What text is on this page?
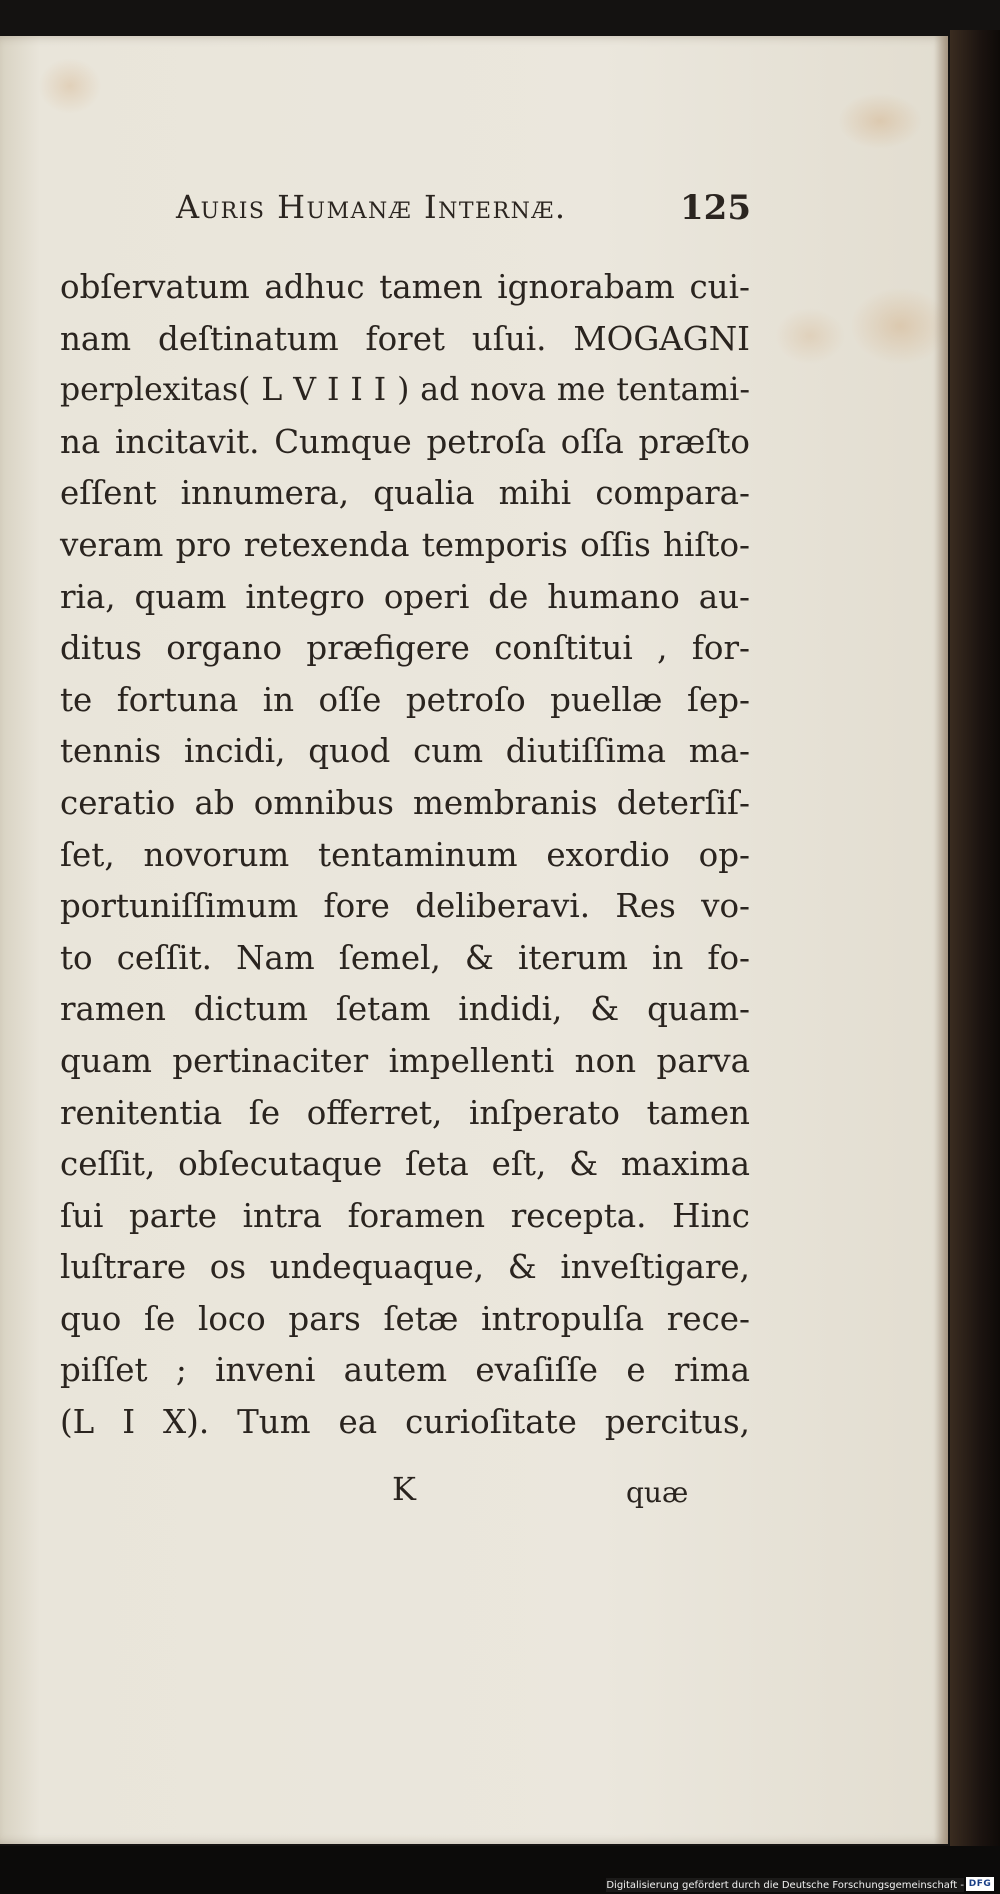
Auris Humanæ Internæ.	125
obſervatum adhuc tamen ignorabam cui-
nam deſtinatum foret uſui. MOGAGNI
perplexitas( L V I I I ) ad nova me tentami-
na incitavit. Cumque petroſa oſſa præſto
eſſent innumera, qualia mihi compara-
veram pro retexenda temporis oſſis hiſto-
ria, quam integro operi de humano au-
ditus organo præfigere conſtitui , for-
te fortuna in oſſe petroſo puellæ ſep-
tennis incidi, quod cum diutiſſima ma-
ceratio ab omnibus membranis deterſiſ-
ſet, novorum tentaminum exordio op-
portuniſſimum fore deliberavi. Res vo-
to ceſſit. Nam ſemel, & iterum in fo-
ramen dictum ſetam indidi, & quam-
quam pertinaciter impellenti non parva
renitentia ſe offerret, inſperato tamen
ceſſit, obſecutaque ſeta eſt, & maxima
ſui parte intra foramen recepta. Hinc
luſtrare os undequaque, & inveſtigare,
quo ſe loco pars ſetæ intropulſa rece-
piſſet ; inveni autem evaſiſſe e rima
(L I X). Tum ea curioſitate percitus,
K	quæ
Digitalisierung gefördert durch die Deutsche Forschungsgemeinschaft - DFG
